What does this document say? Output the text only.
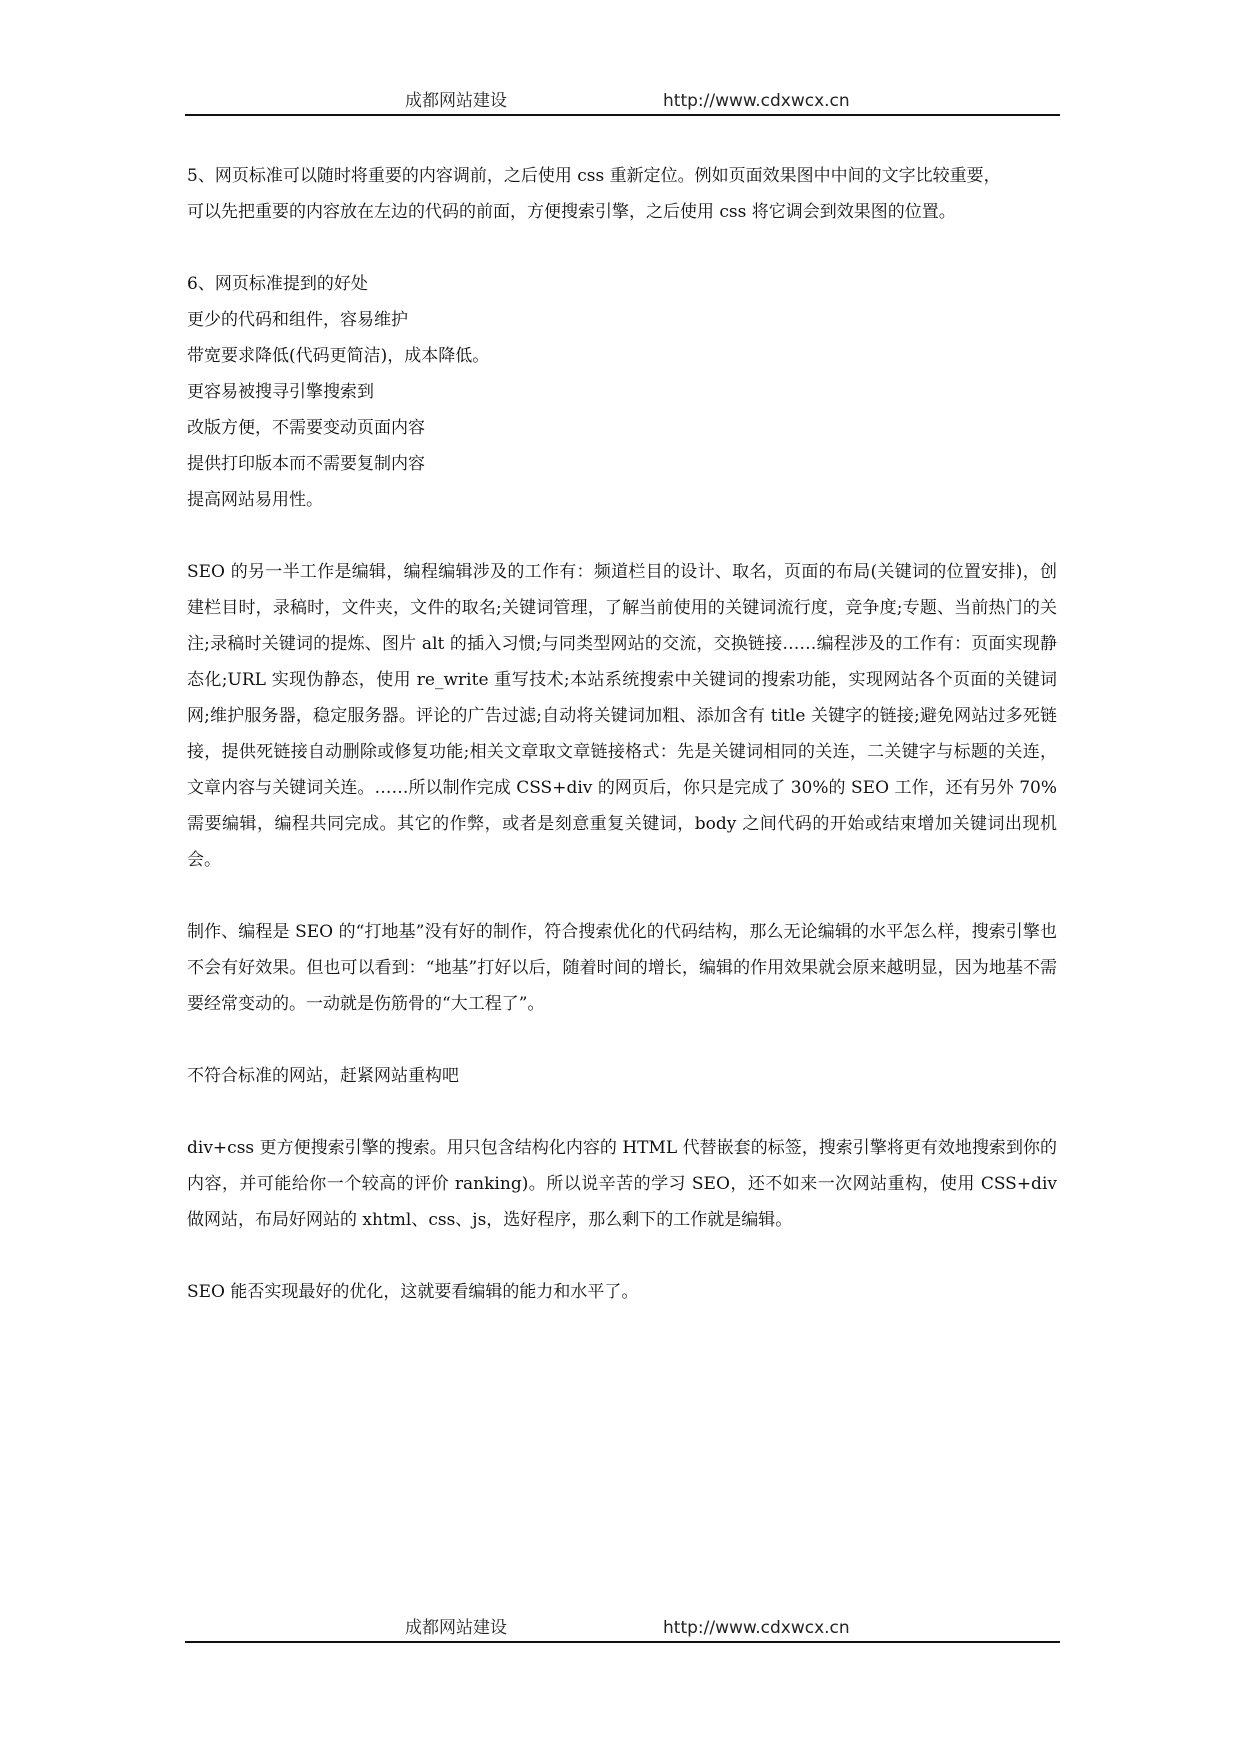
成都网站建设	http://www.cdxwcx.cn
5、网页标准可以随时将重要的内容调前，之后使用 css 重新定位。例如页面效果图中中间的文字比较重要，
可以先把重要的内容放在左边的代码的前面，方便搜索引擎，之后使用 css 将它调会到效果图的位置。
6、网页标准提到的好处
更少的代码和组件，容易维护
带宽要求降低(代码更简洁)，成本降低。
更容易被搜寻引擎搜索到
改版方便，不需要变动页面内容
提供打印版本而不需要复制内容
提高网站易用性。

SEO 的另一半工作是编辑，编程编辑涉及的工作有：频道栏目的设计、取名，页面的布局(关键词的位置安排)，创建栏目时，录稿时，文件夹，文件的取名;关键词管理，了解当前使用的关键词流行度，竞争度;专题、当前热门的关注;录稿时关键词的提炼、图片 alt 的插入习惯;与同类型网站的交流，交换链接……编程涉及的工作有：页面实现静态化;URL 实现伪静态，使用 re_write 重写技术;本站系统搜索中关键词的搜索功能，实现网站各个页面的关键词网;维护服务器，稳定服务器。评论的广告过滤;自动将关键词加粗、添加含有 title 关键字的链接;避免网站过多死链接，提供死链接自动删除或修复功能;相关文章取文章链接格式：先是关键词相同的关连，二关键字与标题的关连，文章内容与关键词关连。……所以制作完成 CSS+div 的网页后，你只是完成了 30%的 SEO 工作，还有另外 70%需要编辑，编程共同完成。其它的作弊，或者是刻意重复关键词，body 之间代码的开始或结束增加关键词出现机会。

制作、编程是 SEO 的“打地基”没有好的制作，符合搜索优化的代码结构，那么无论编辑的水平怎么样，搜索引擎也不会有好效果。但也可以看到：“地基”打好以后，随着时间的增长，编辑的作用效果就会原来越明显，因为地基不需要经常变动的。一动就是伤筋骨的“大工程了”。

不符合标准的网站，赶紧网站重构吧

div+css 更方便搜索引擎的搜索。用只包含结构化内容的 HTML 代替嵌套的标签，搜索引擎将更有效地搜索到你的内容，并可能给你一个较高的评价 ranking)。所以说辛苦的学习 SEO，还不如来一次网站重构，使用 CSS+div 做网站，布局好网站的 xhtml、css、js，选好程序，那么剩下的工作就是编辑。

SEO 能否实现最好的优化，这就要看编辑的能力和水平了。

成都网站建设	http://www.cdxwcx.cn
